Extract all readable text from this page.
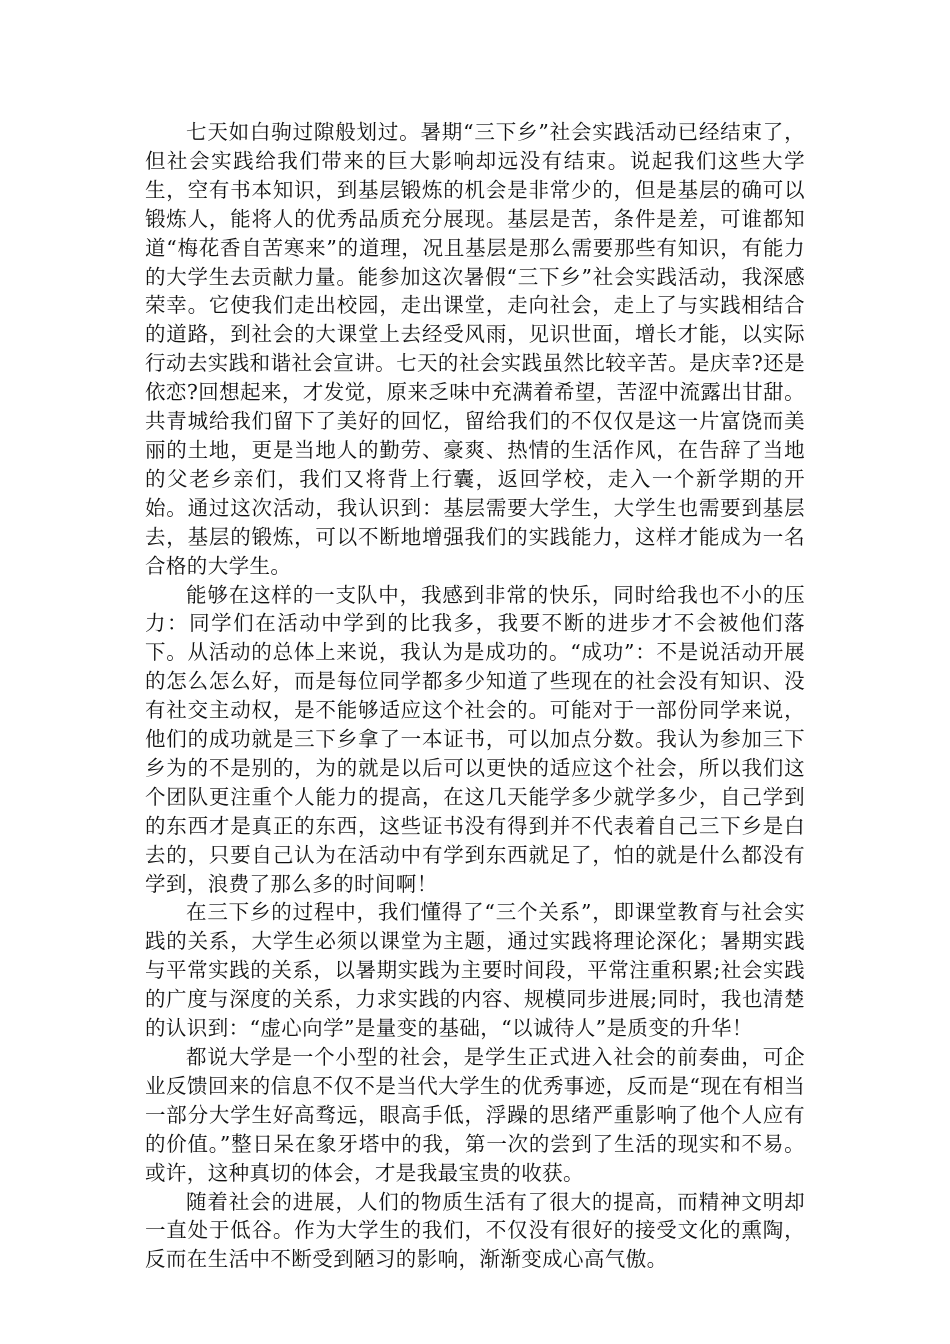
七天如白驹过隙般划过。暑期“三下乡”社会实践活动已经结束了，但社会实践给我们带来的巨大影响却远没有结束。说起我们这些大学生，空有书本知识，到基层锻炼的机会是非常少的，但是基层的确可以锻炼人，能将人的优秀品质充分展现。基层是苦，条件是差，可谁都知道“梅花香自苦寒来”的道理，况且基层是那么需要那些有知识，有能力的大学生去贡献力量。能参加这次暑假“三下乡”社会实践活动，我深感荣幸。它使我们走出校园，走出课堂，走向社会，走上了与实践相结合的道路，到社会的大课堂上去经受风雨，见识世面，增长才能，以实际行动去实践和谐社会宣讲。七天的社会实践虽然比较辛苦。是庆幸?还是依恋?回想起来，才发觉，原来乏味中充满着希望，苦涩中流露出甘甜。共青城给我们留下了美好的回忆，留给我们的不仅仅是这一片富饶而美丽的土地，更是当地人的勤劳、豪爽、热情的生活作风，在告辞了当地的父老乡亲们，我们又将背上行囊，返回学校，走入一个新学期的开始。通过这次活动，我认识到：基层需要大学生，大学生也需要到基层去，基层的锻炼，可以不断地增强我们的实践能力，这样才能成为一名合格的大学生。

能够在这样的一支队中，我感到非常的快乐，同时给我也不小的压力：同学们在活动中学到的比我多，我要不断的进步才不会被他们落下。从活动的总体上来说，我认为是成功的。“成功”：不是说活动开展的怎么怎么好，而是每位同学都多少知道了些现在的社会没有知识、没有社交主动权，是不能够适应这个社会的。可能对于一部份同学来说，他们的成功就是三下乡拿了一本证书，可以加点分数。我认为参加三下乡为的不是别的，为的就是以后可以更快的适应这个社会，所以我们这个团队更注重个人能力的提高，在这几天能学多少就学多少，自己学到的东西才是真正的东西，这些证书没有得到并不代表着自己三下乡是白去的，只要自己认为在活动中有学到东西就足了，怕的就是什么都没有学到，浪费了那么多的时间啊！

在三下乡的过程中，我们懂得了“三个关系”，即课堂教育与社会实践的关系，大学生必须以课堂为主题，通过实践将理论深化；暑期实践与平常实践的关系，以暑期实践为主要时间段，平常注重积累;社会实践的广度与深度的关系，力求实践的内容、规模同步进展;同时，我也清楚的认识到：“虚心向学”是量变的基础，“以诚待人”是质变的升华！

都说大学是一个小型的社会，是学生正式进入社会的前奏曲，可企业反馈回来的信息不仅不是当代大学生的优秀事迹，反而是“现在有相当一部分大学生好高骛远，眼高手低，浮躁的思绪严重影响了他个人应有的价值。”整日呆在象牙塔中的我，第一次的尝到了生活的现实和不易。或许，这种真切的体会，才是我最宝贵的收获。

随着社会的进展，人们的物质生活有了很大的提高，而精神文明却一直处于低谷。作为大学生的我们，不仅没有很好的接受文化的熏陶，反而在生活中不断受到陋习的影响，渐渐变成心高气傲。
